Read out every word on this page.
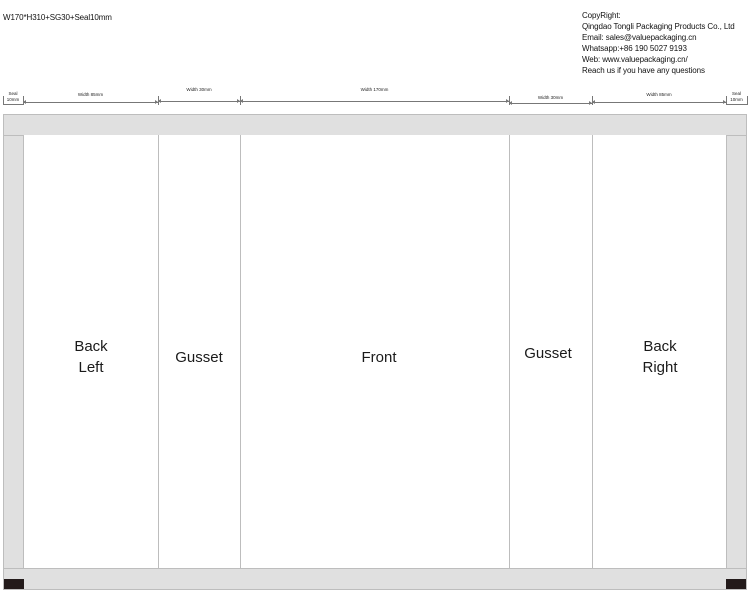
W170*H310+SG30+Seal10mm	CopyRight:
Qingdao Tongli Packaging Products Co., Ltd
Email: sales@valuepackaging.cn
Whatsapp:+86 190 5027 9193
Web: www.valuepackaging.cn/
Reach us if you have any questions
Seal
10mm
Width 85mm
Width 30mm	Width 170mm
Width 30mm
Width 85mm	Seal
10mm
Back
Left
Gusset	Front	Gusset	Back
Right
